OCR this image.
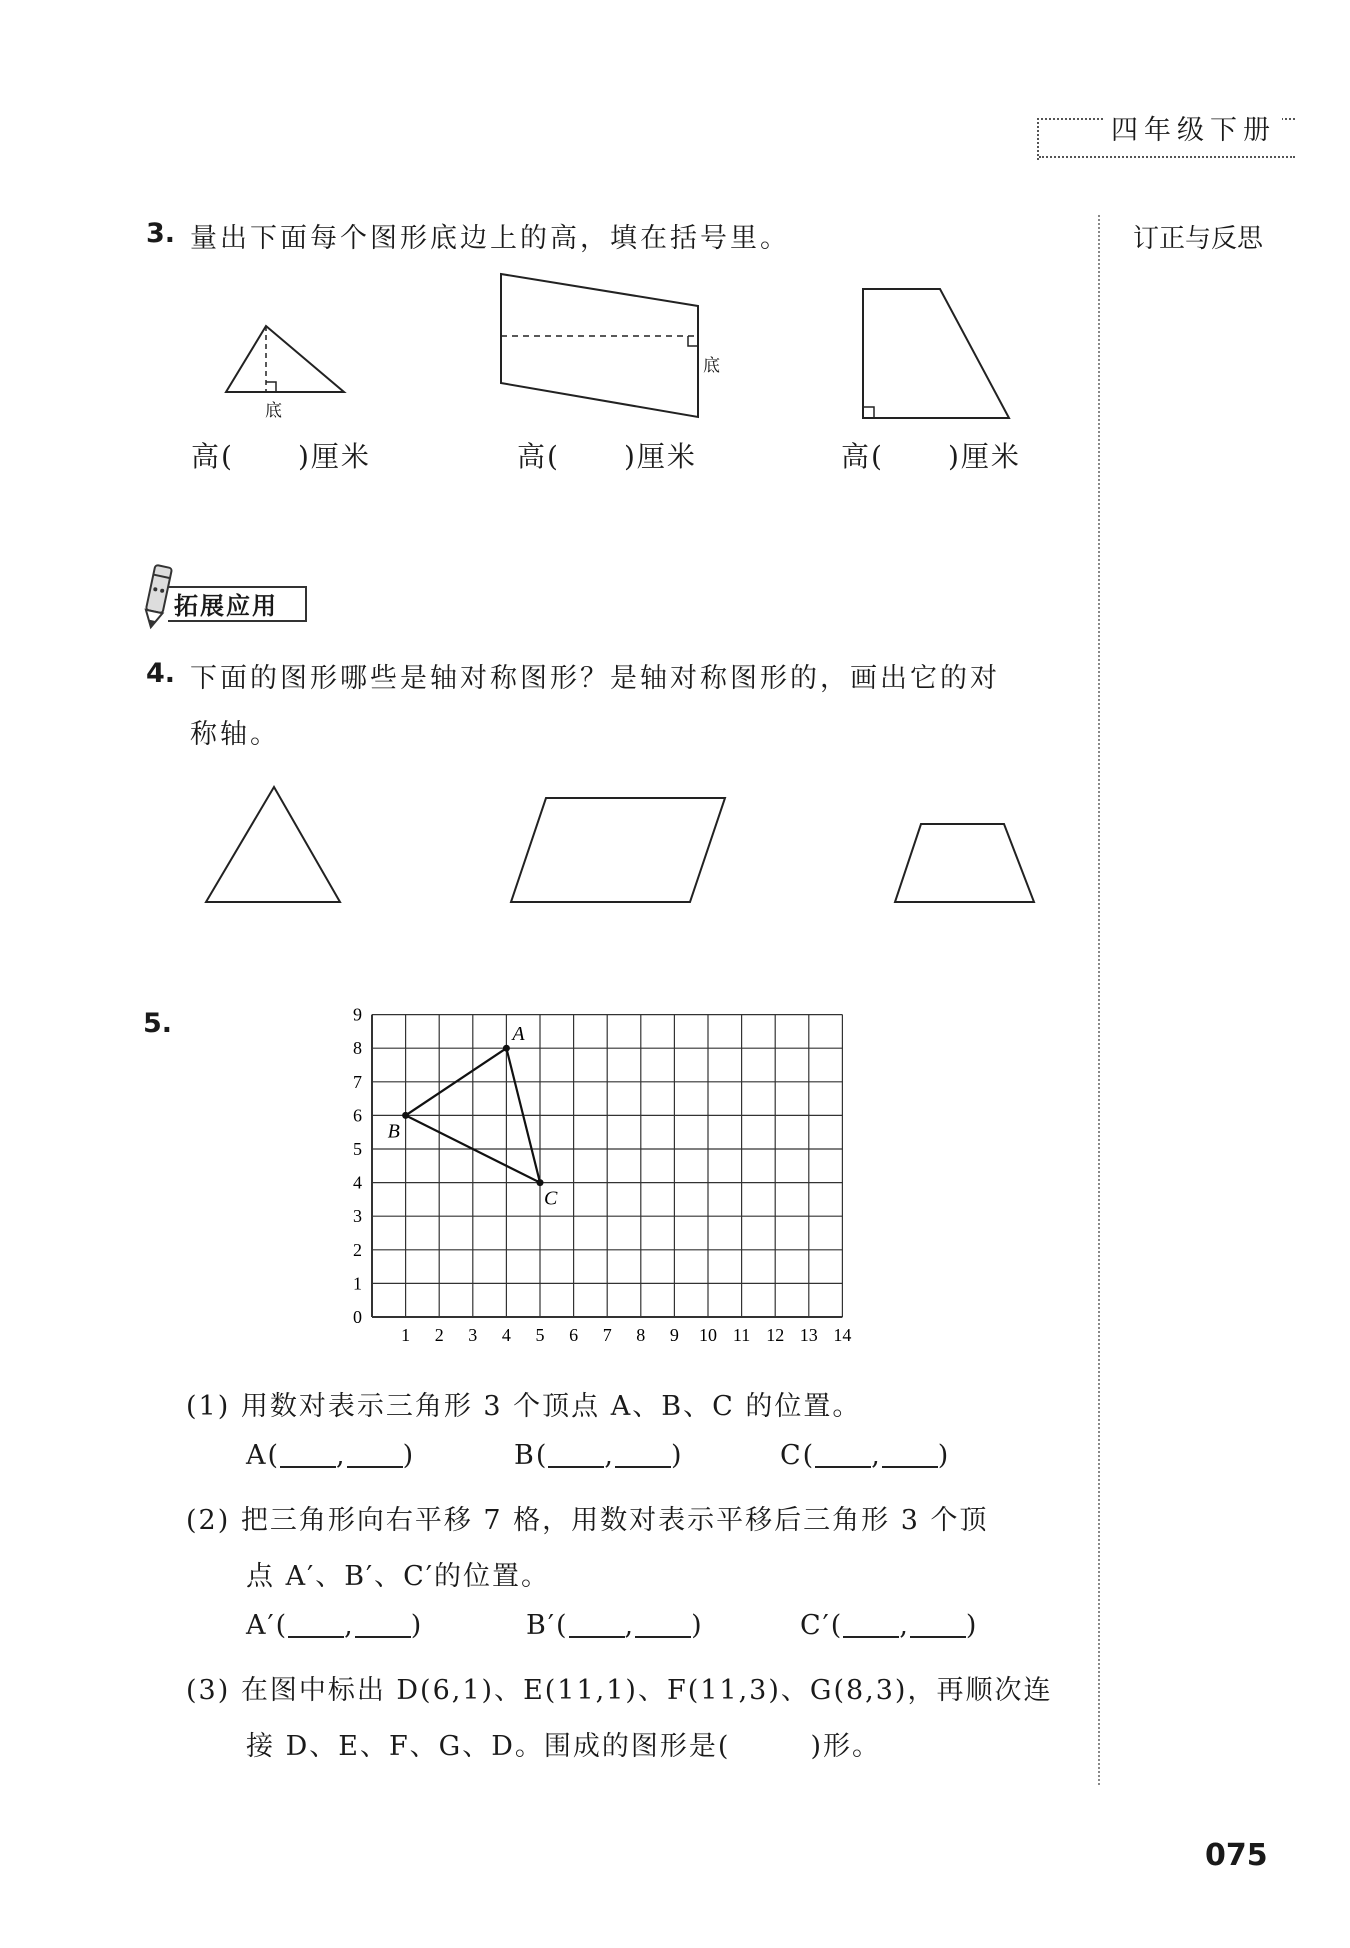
四年级下册
订正与反思
3. 量出下面每个图形底边上的高，填在括号里。
底
底
高( )厘米	高( )厘米	高( )厘米
拓展应用
4. 下面的图形哪些是轴对称图形？是轴对称图形的，画出它的对
称轴。
5.
1 2 3 4 5 6 7 8 9 10 11 12 13 14
0
1
2
3
4
5
6
7
8
9
A
B
C
(1) 用数对表示三角形 3 个顶点 A、B、C 的位置。
A( , )	B( , )	C( , )
(2) 把三角形向右平移 7 格，用数对表示平移后三角形 3 个顶
点 A′、B′、C′的位置。
A′( , )	B′( , )	C′( , )
(3) 在图中标出 D(6,1)、E(11,1)、F(11,3)、G(8,3)，再顺次连
接 D、E、F、G、D。围成的图形是(	)形。
075
